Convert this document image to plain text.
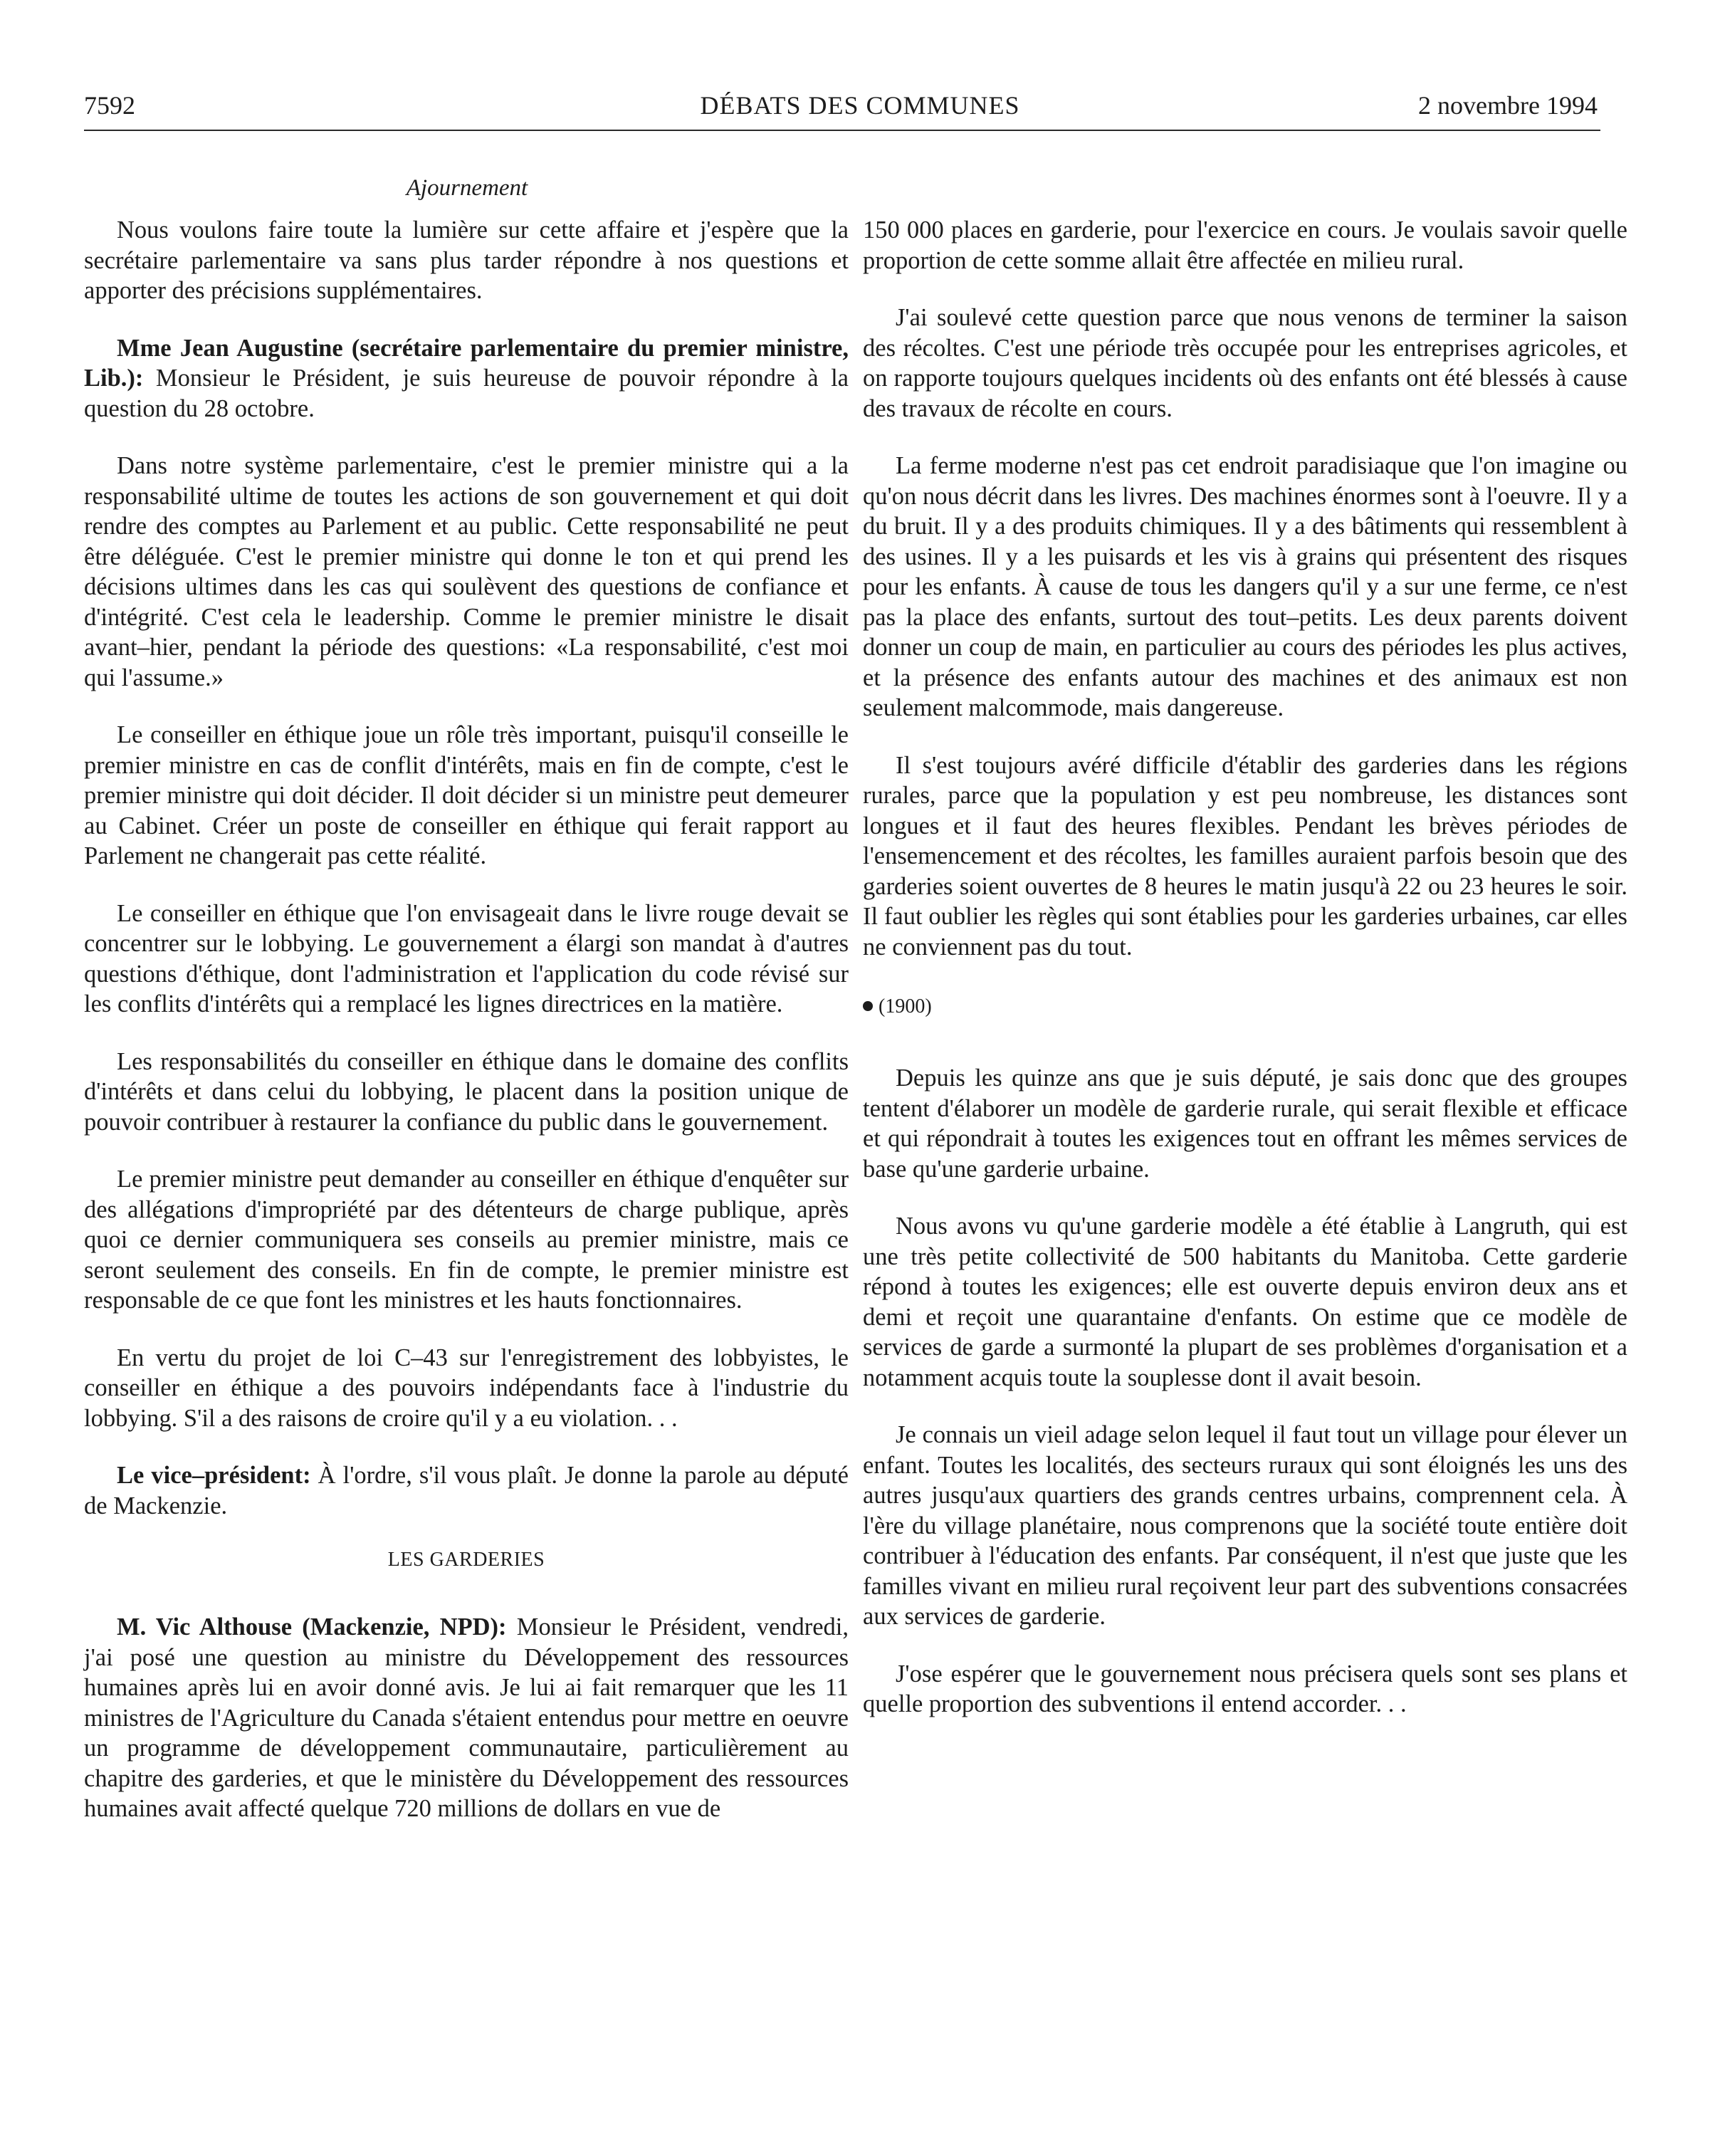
7592	DÉBATS DES COMMUNES	2 novembre 1994
Ajournement

Nous voulons faire toute la lumière sur cette affaire et j'espère que la secrétaire parlementaire va sans plus tarder répondre à nos questions et apporter des précisions supplémentaires.

Mme Jean Augustine (secrétaire parlementaire du premier ministre, Lib.): Monsieur le Président, je suis heureuse de pouvoir répondre à la question du 28 octobre.

Dans notre système parlementaire, c'est le premier ministre qui a la responsabilité ultime de toutes les actions de son gouvernement et qui doit rendre des comptes au Parlement et au public. Cette responsabilité ne peut être déléguée. C'est le premier ministre qui donne le ton et qui prend les décisions ultimes dans les cas qui soulèvent des questions de confiance et d'intégrité. C'est cela le leadership. Comme le premier ministre le disait avant–hier, pendant la période des questions: «La responsabilité, c'est moi qui l'assume.»

Le conseiller en éthique joue un rôle très important, puisqu'il conseille le premier ministre en cas de conflit d'intérêts, mais en fin de compte, c'est le premier ministre qui doit décider. Il doit décider si un ministre peut demeurer au Cabinet. Créer un poste de conseiller en éthique qui ferait rapport au Parlement ne changerait pas cette réalité.

Le conseiller en éthique que l'on envisageait dans le livre rouge devait se concentrer sur le lobbying. Le gouvernement a élargi son mandat à d'autres questions d'éthique, dont l'administration et l'application du code révisé sur les conflits d'intérêts qui a remplacé les lignes directrices en la matière.

Les responsabilités du conseiller en éthique dans le domaine des conflits d'intérêts et dans celui du lobbying, le placent dans la position unique de pouvoir contribuer à restaurer la confiance du public dans le gouvernement.

Le premier ministre peut demander au conseiller en éthique d'enquêter sur des allégations d'impropriété par des détenteurs de charge publique, après quoi ce dernier communiquera ses conseils au premier ministre, mais ce seront seulement des conseils. En fin de compte, le premier ministre est responsable de ce que font les ministres et les hauts fonctionnaires.

En vertu du projet de loi C–43 sur l'enregistrement des lobbyistes, le conseiller en éthique a des pouvoirs indépendants face à l'industrie du lobbying. S'il a des raisons de croire qu'il y a eu violation. . .

Le vice–président: À l'ordre, s'il vous plaît. Je donne la parole au député de Mackenzie.

LES GARDERIES

M. Vic Althouse (Mackenzie, NPD): Monsieur le Président, vendredi, j'ai posé une question au ministre du Développement des ressources humaines après lui en avoir donné avis. Je lui ai fait remarquer que les 11 ministres de l'Agriculture du Canada s'étaient entendus pour mettre en oeuvre un programme de développement communautaire, particulièrement au chapitre des garderies, et que le ministère du Développement des ressources humaines avait affecté quelque 720 millions de dollars en vue de

150 000 places en garderie, pour l'exercice en cours. Je voulais savoir quelle proportion de cette somme allait être affectée en milieu rural.

J'ai soulevé cette question parce que nous venons de terminer la saison des récoltes. C'est une période très occupée pour les entreprises agricoles, et on rapporte toujours quelques incidents où des enfants ont été blessés à cause des travaux de récolte en cours.

La ferme moderne n'est pas cet endroit paradisiaque que l'on imagine ou qu'on nous décrit dans les livres. Des machines énormes sont à l'oeuvre. Il y a du bruit. Il y a des produits chimiques. Il y a des bâtiments qui ressemblent à des usines. Il y a les puisards et les vis à grains qui présentent des risques pour les enfants. À cause de tous les dangers qu'il y a sur une ferme, ce n'est pas la place des enfants, surtout des tout–petits. Les deux parents doivent donner un coup de main, en particulier au cours des périodes les plus actives, et la présence des enfants autour des machines et des animaux est non seulement malcommode, mais dangereuse.

Il s'est toujours avéré difficile d'établir des garderies dans les régions rurales, parce que la population y est peu nombreuse, les distances sont longues et il faut des heures flexibles. Pendant les brèves périodes de l'ensemencement et des récoltes, les familles auraient parfois besoin que des garderies soient ouvertes de 8 heures le matin jusqu'à 22 ou 23 heures le soir. Il faut oublier les règles qui sont établies pour les garderies urbaines, car elles ne conviennent pas du tout.

(1900)

Depuis les quinze ans que je suis député, je sais donc que des groupes tentent d'élaborer un modèle de garderie rurale, qui serait flexible et efficace et qui répondrait à toutes les exigences tout en offrant les mêmes services de base qu'une garderie urbaine.

Nous avons vu qu'une garderie modèle a été établie à Langruth, qui est une très petite collectivité de 500 habitants du Manitoba. Cette garderie répond à toutes les exigences; elle est ouverte depuis environ deux ans et demi et reçoit une quarantaine d'enfants. On estime que ce modèle de services de garde a surmonté la plupart de ses problèmes d'organisation et a notamment acquis toute la souplesse dont il avait besoin.

Je connais un vieil adage selon lequel il faut tout un village pour élever un enfant. Toutes les localités, des secteurs ruraux qui sont éloignés les uns des autres jusqu'aux quartiers des grands centres urbains, comprennent cela. À l'ère du village planétaire, nous comprenons que la société toute entière doit contribuer à l'éducation des enfants. Par conséquent, il n'est que juste que les familles vivant en milieu rural reçoivent leur part des subventions consacrées aux services de garderie.

J'ose espérer que le gouvernement nous précisera quels sont ses plans et quelle proportion des subventions il entend accorder. . .
